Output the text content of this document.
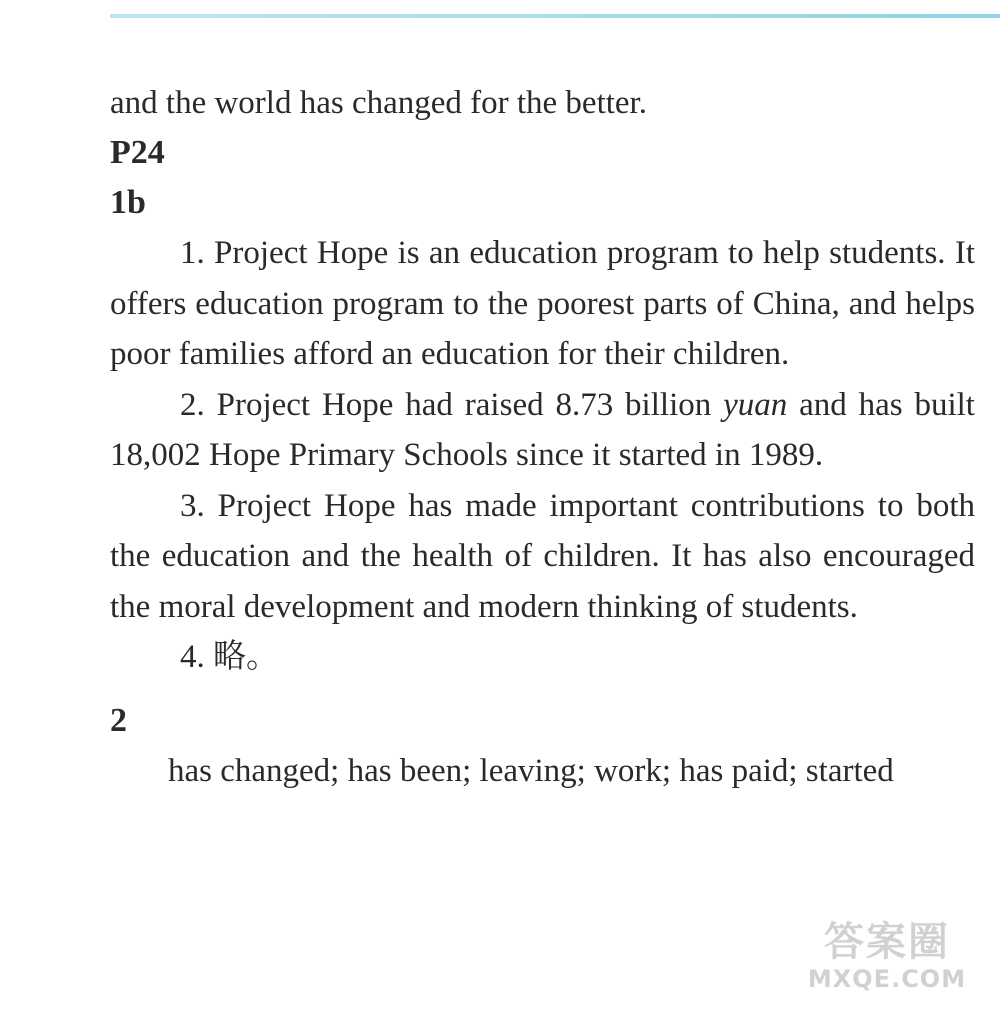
and the world has changed for the better.
P24
1b

1. Project Hope is an education program to help students. It offers education program to the poorest parts of China, and helps poor families afford an education for their children.

2. Project Hope had raised 8.73 billion yuan and has built 18,002 Hope Primary Schools since it started in 1989.

3. Project Hope has made important contributions to both the education and the health of children. It has also encouraged the moral development and modern thinking of students.

4. 略。

2

has changed; has been; leaving; work; has paid; started

答案圈
MXQE.COM
